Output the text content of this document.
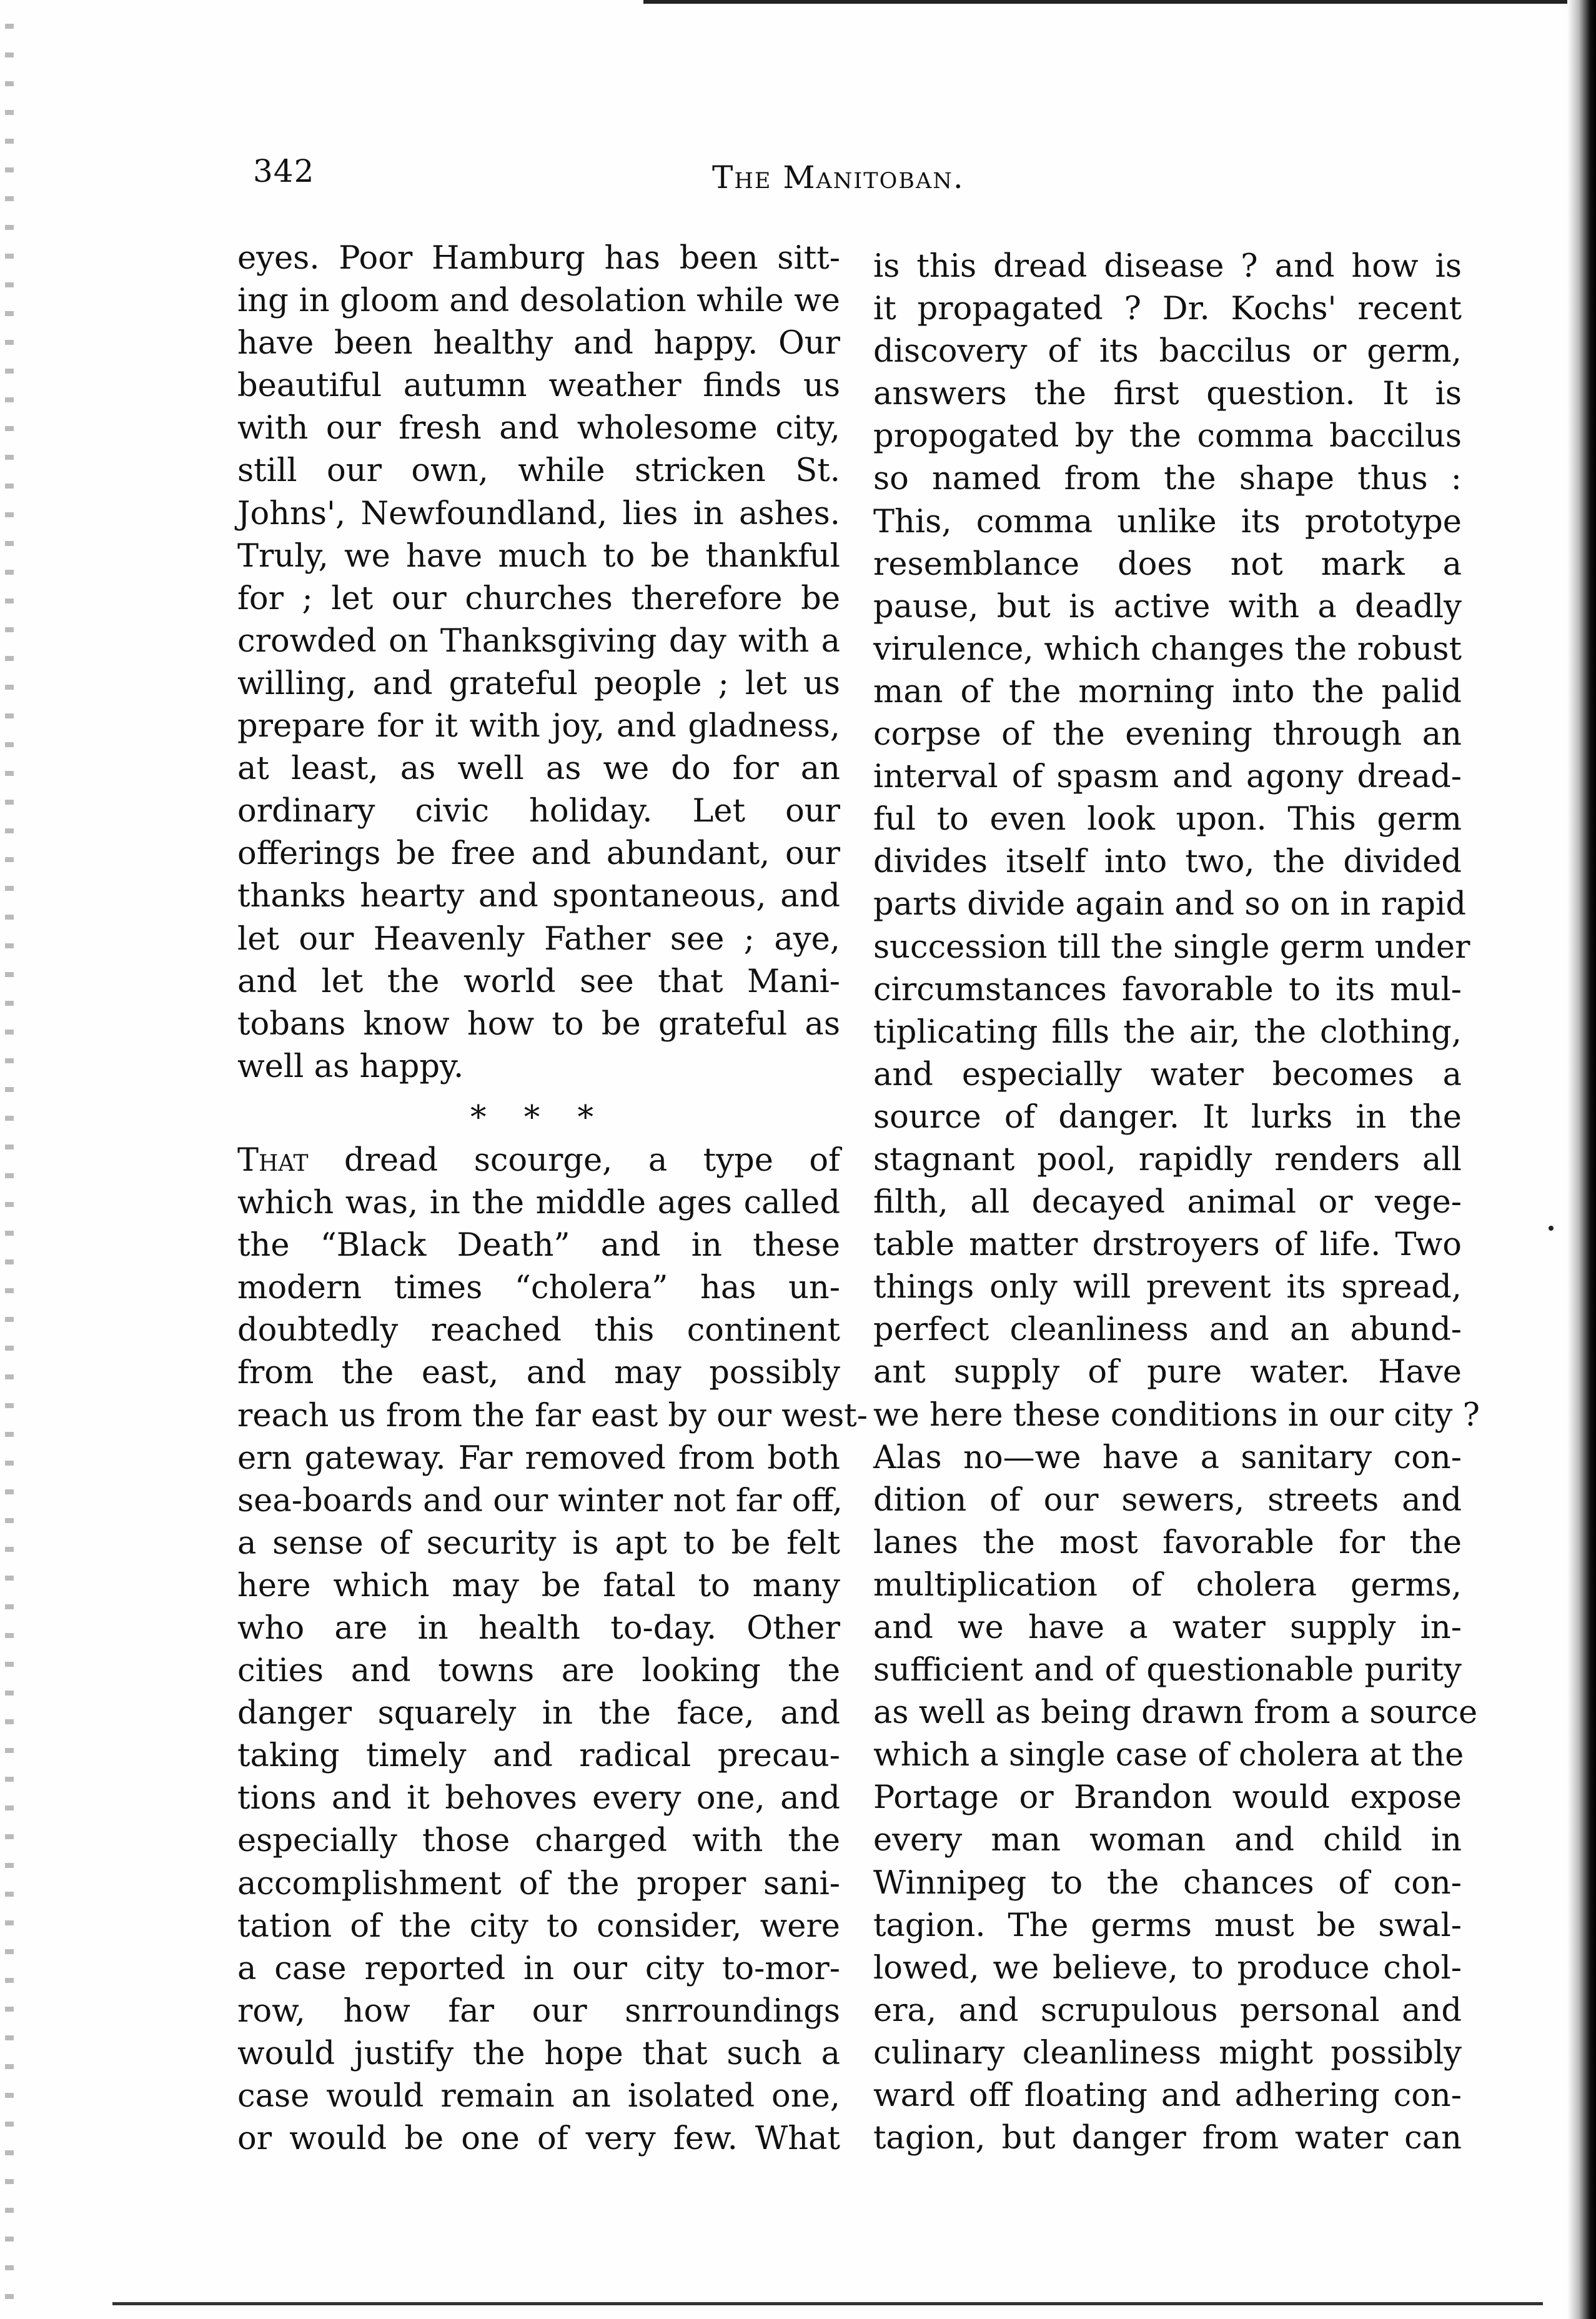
342	The Manitoban.
eyes. Poor Hamburg has been sitt-
ing in gloom and desolation while we
have been healthy and happy. Our
beautiful autumn weather finds us
with our fresh and wholesome city,
still our own, while stricken St.
Johns', Newfoundland, lies in ashes.
Truly, we have much to be thankful
for ; let our churches therefore be
crowded on Thanksgiving day with a
willing, and grateful people ; let us
prepare for it with joy, and gladness,
at least, as well as we do for an
ordinary civic holiday. Let our
offerings be free and abundant, our
thanks hearty and spontaneous, and
let our Heavenly Father see ; aye,
and let the world see that Mani-
tobans know how to be grateful as
well as happy.
* * *
That dread scourge, a type of
which was, in the middle ages called
the “Black Death” and in these
modern times “cholera” has un-
doubtedly reached this continent
from the east, and may possibly
reach us from the far east by our west-
ern gateway. Far removed from both
sea-boards and our winter not far off,
a sense of security is apt to be felt
here which may be fatal to many
who are in health to-day. Other
cities and towns are looking the
danger squarely in the face, and
taking timely and radical precau-
tions and it behoves every one, and
especially those charged with the
accomplishment of the proper sani-
tation of the city to consider, were
a case reported in our city to-mor-
row, how far our snrroundings
would justify the hope that such a
case would remain an isolated one,
or would be one of very few. What
is this dread disease ? and how is
it propagated ? Dr. Kochs' recent
discovery of its baccilus or germ,
answers the first question. It is
propogated by the comma baccilus
so named from the shape thus :
This, comma unlike its prototype
resemblance does not mark a
pause, but is active with a deadly
virulence, which changes the robust
man of the morning into the palid
corpse of the evening through an
interval of spasm and agony dread-
ful to even look upon. This germ
divides itself into two, the divided
parts divide again and so on in rapid
succession till the single germ under
circumstances favorable to its mul-
tiplicating fills the air, the clothing,
and especially water becomes a
source of danger. It lurks in the
stagnant pool, rapidly renders all
filth, all decayed animal or vege-
table matter drstroyers of life. Two
things only will prevent its spread,
perfect cleanliness and an abund-
ant supply of pure water. Have
we here these conditions in our city ?
Alas no—we have a sanitary con-
dition of our sewers, streets and
lanes the most favorable for the
multiplication of cholera germs,
and we have a water supply in-
sufficient and of questionable purity
as well as being drawn from a source
which a single case of cholera at the
Portage or Brandon would expose
every man woman and child in
Winnipeg to the chances of con-
tagion. The germs must be swal-
lowed, we believe, to produce chol-
era, and scrupulous personal and
culinary cleanliness might possibly
ward off floating and adhering con-
tagion, but danger from water can
